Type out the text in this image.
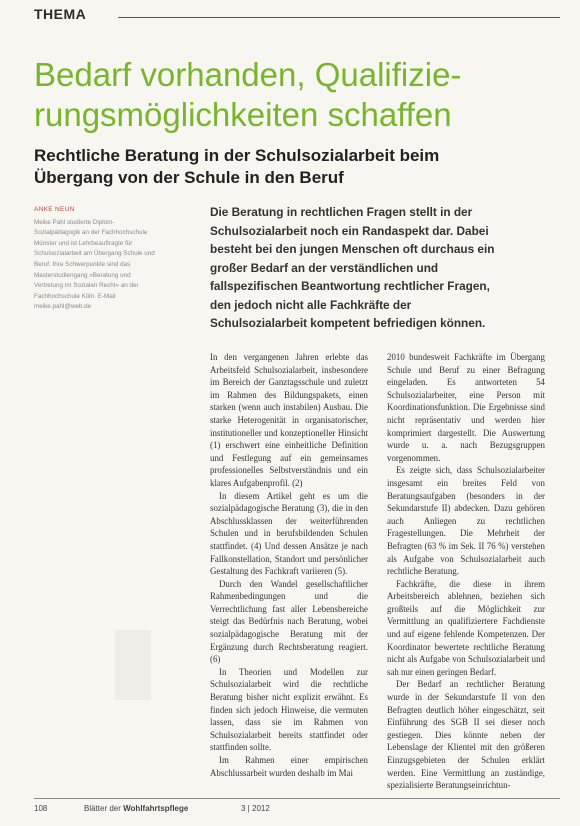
THEMA
Bedarf vorhanden, Qualifizie-rungsmöglichkeiten schaffen
Rechtliche Beratung in der Schulsozialarbeit beim Übergang von der Schule in den Beruf
ANKE NEUN
Meike Pahl studierte Diplom-Sozialpädagogik an der Fachhochschule Münster und ist Lehrbeauftragte für Schulsozialarbeit am Übergang Schule und Beruf. Ihre Schwerpunkte sind das Masterstudiengang »Beratung und Vertretung im Sozialen Recht« an der Fachhochschule Köln. E-Mail meike.pahl@web.de

Die Beratung in rechtlichen Fragen stellt in der Schulsozialarbeit noch ein Randaspekt dar. Dabei besteht bei den jungen Menschen oft durchaus ein großer Bedarf an der verständlichen und fallspezifischen Beantwortung rechtlicher Fragen, den jedoch nicht alle Fachkräfte der Schulsozialarbeit kompetent befriedigen können.

In den vergangenen Jahren erlebte das Arbeitsfeld Schulsozialarbeit, insbesondere im Bereich der Ganztagsschule und zuletzt im Rahmen des Bildungspakets, einen starken (wenn auch instabilen) Ausbau. Die starke Heterogenität in organisatorischer, institutioneller und konzeptioneller Hinsicht (1) erschwert eine einheitliche Definition und Festlegung auf ein gemeinsames professionelles Selbstverständnis und ein klares Aufgabenprofil. (2)

In diesem Artikel geht es um die sozialpädagogische Beratung (3), die in den Abschlussklassen der weiterführenden Schulen und in berufsbildenden Schulen stattfindet. (4) Und dessen Ansätze je nach Fallkonstellation, Standort und persönlicher Gestaltung des Fachkraft variieren (5).

Durch den Wandel gesellschaftlicher Rahmenbedingungen und die Verrechtlichung fast aller Lebensbereiche steigt das Bedürfnis nach Beratung, wobei sozialpädagogische Beratung mit der Ergänzung durch Rechtsberatung reagiert. (6)

In Theorien und Modellen zur Schulsozialarbeit wird die rechtliche Beratung bisher nicht explizit erwähnt. Es finden sich jedoch Hinweise, die vermuten lassen, dass sie im Rahmen von Schulsozialarbeit bereits stattfindet oder stattfinden sollte.

Im Rahmen einer empirischen Abschlussarbeit wurden deshalb im Mai

2010 bundesweit Fachkräfte im Übergang Schule und Beruf zu einer Befragung eingeladen. Es antworteten 54 Schulsozialarbeiter, eine Person mit Koordinationsfunktion. Die Ergebnisse sind nicht repräsentativ und werden hier komprimiert dargestellt. Die Auswertung wurde u. a. nach Bezugsgruppen vorgenommen.

Es zeigte sich, dass Schulsozialarbeiter insgesamt ein breites Feld von Beratungsaufgaben (besonders in der Sekundarstufe II) abdecken. Dazu gehören auch Anliegen zu rechtlichen Fragestellungen. Die Mehrheit der Befragten (63 % im Sek. II 76 %) verstehen als Aufgabe von Schulsozialarbeit auch rechtliche Beratung.

Fachkräfte, die diese in ihrem Arbeitsbereich ablehnen, beziehen sich großteils auf die Möglichkeit zur Vermittlung an qualifiziertere Fachdienste und auf eigene fehlende Kompetenzen. Der Koordinator bewertete rechtliche Beratung nicht als Aufgabe von Schulsozialarbeit und sah nur einen geringen Bedarf.

Der Bedarf an rechtlicher Beratung wurde in der Sekundarstufe II von den Befragten deutlich höher eingeschätzt, seit Einführung des SGB II sei dieser noch gestiegen. Dies könnte neben der Lebenslage der Klientel mit den größeren Einzugsgebieten der Schulen erklärt werden. Eine Vermittlung an zuständige, spezialisierte Beratungseinrichtun-

108	Blätter der Wohlfahrtspflege	3 | 2012
